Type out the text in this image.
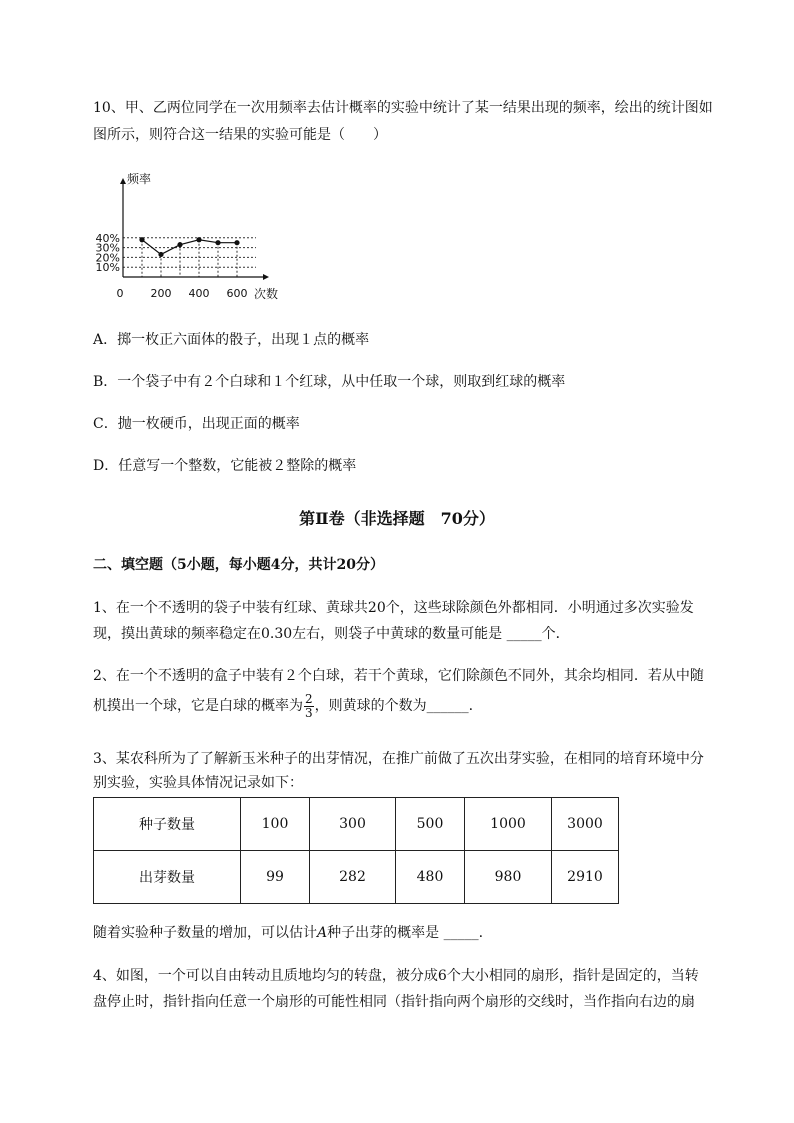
10、甲、乙两位同学在一次用频率去估计概率的实验中统计了某一结果出现的频率，绘出的统计图如
图所示，则符合这一结果的实验可能是（　　）
10%
20%
30%
40%
0 200 400 600
频率
次数
A．掷一枚正六面体的骰子，出现１点的概率
B．一个袋子中有２个白球和１个红球，从中任取一个球，则取到红球的概率
C．抛一枚硬币，出现正面的概率
D．任意写一个整数，它能被２整除的概率
第Ⅱ卷（非选择题　70分）
二、填空题（5小题，每小题4分，共计20分）
1、在一个不透明的袋子中装有红球、黄球共20个，这些球除颜色外都相同．小明通过多次实验发
现，摸出黄球的频率稳定在0.30左右，则袋子中黄球的数量可能是 _____个．
2、在一个不透明的盒子中装有２个白球，若干个黄球，它们除颜色不同外，其余均相同．若从中随
机摸出一个球，它是白球的概率为 $\frac{2}{3}$ ，则黄球的个数为______.
3、某农科所为了了解新玉米种子的出芽情况，在推广前做了五次出芽实验，在相同的培育环境中分
别实验，实验具体情况记录如下：
种子数量	100	300	500	1000	3000
出芽数量	99	282	480	980	2910
随着实验种子数量的增加，可以估计A种子出芽的概率是 _____.
4、如图，一个可以自由转动且质地均匀的转盘，被分成6个大小相同的扇形，指针是固定的，当转
盘停止时，指针指向任意一个扇形的可能性相同（指针指向两个扇形的交线时，当作指向右边的扇
